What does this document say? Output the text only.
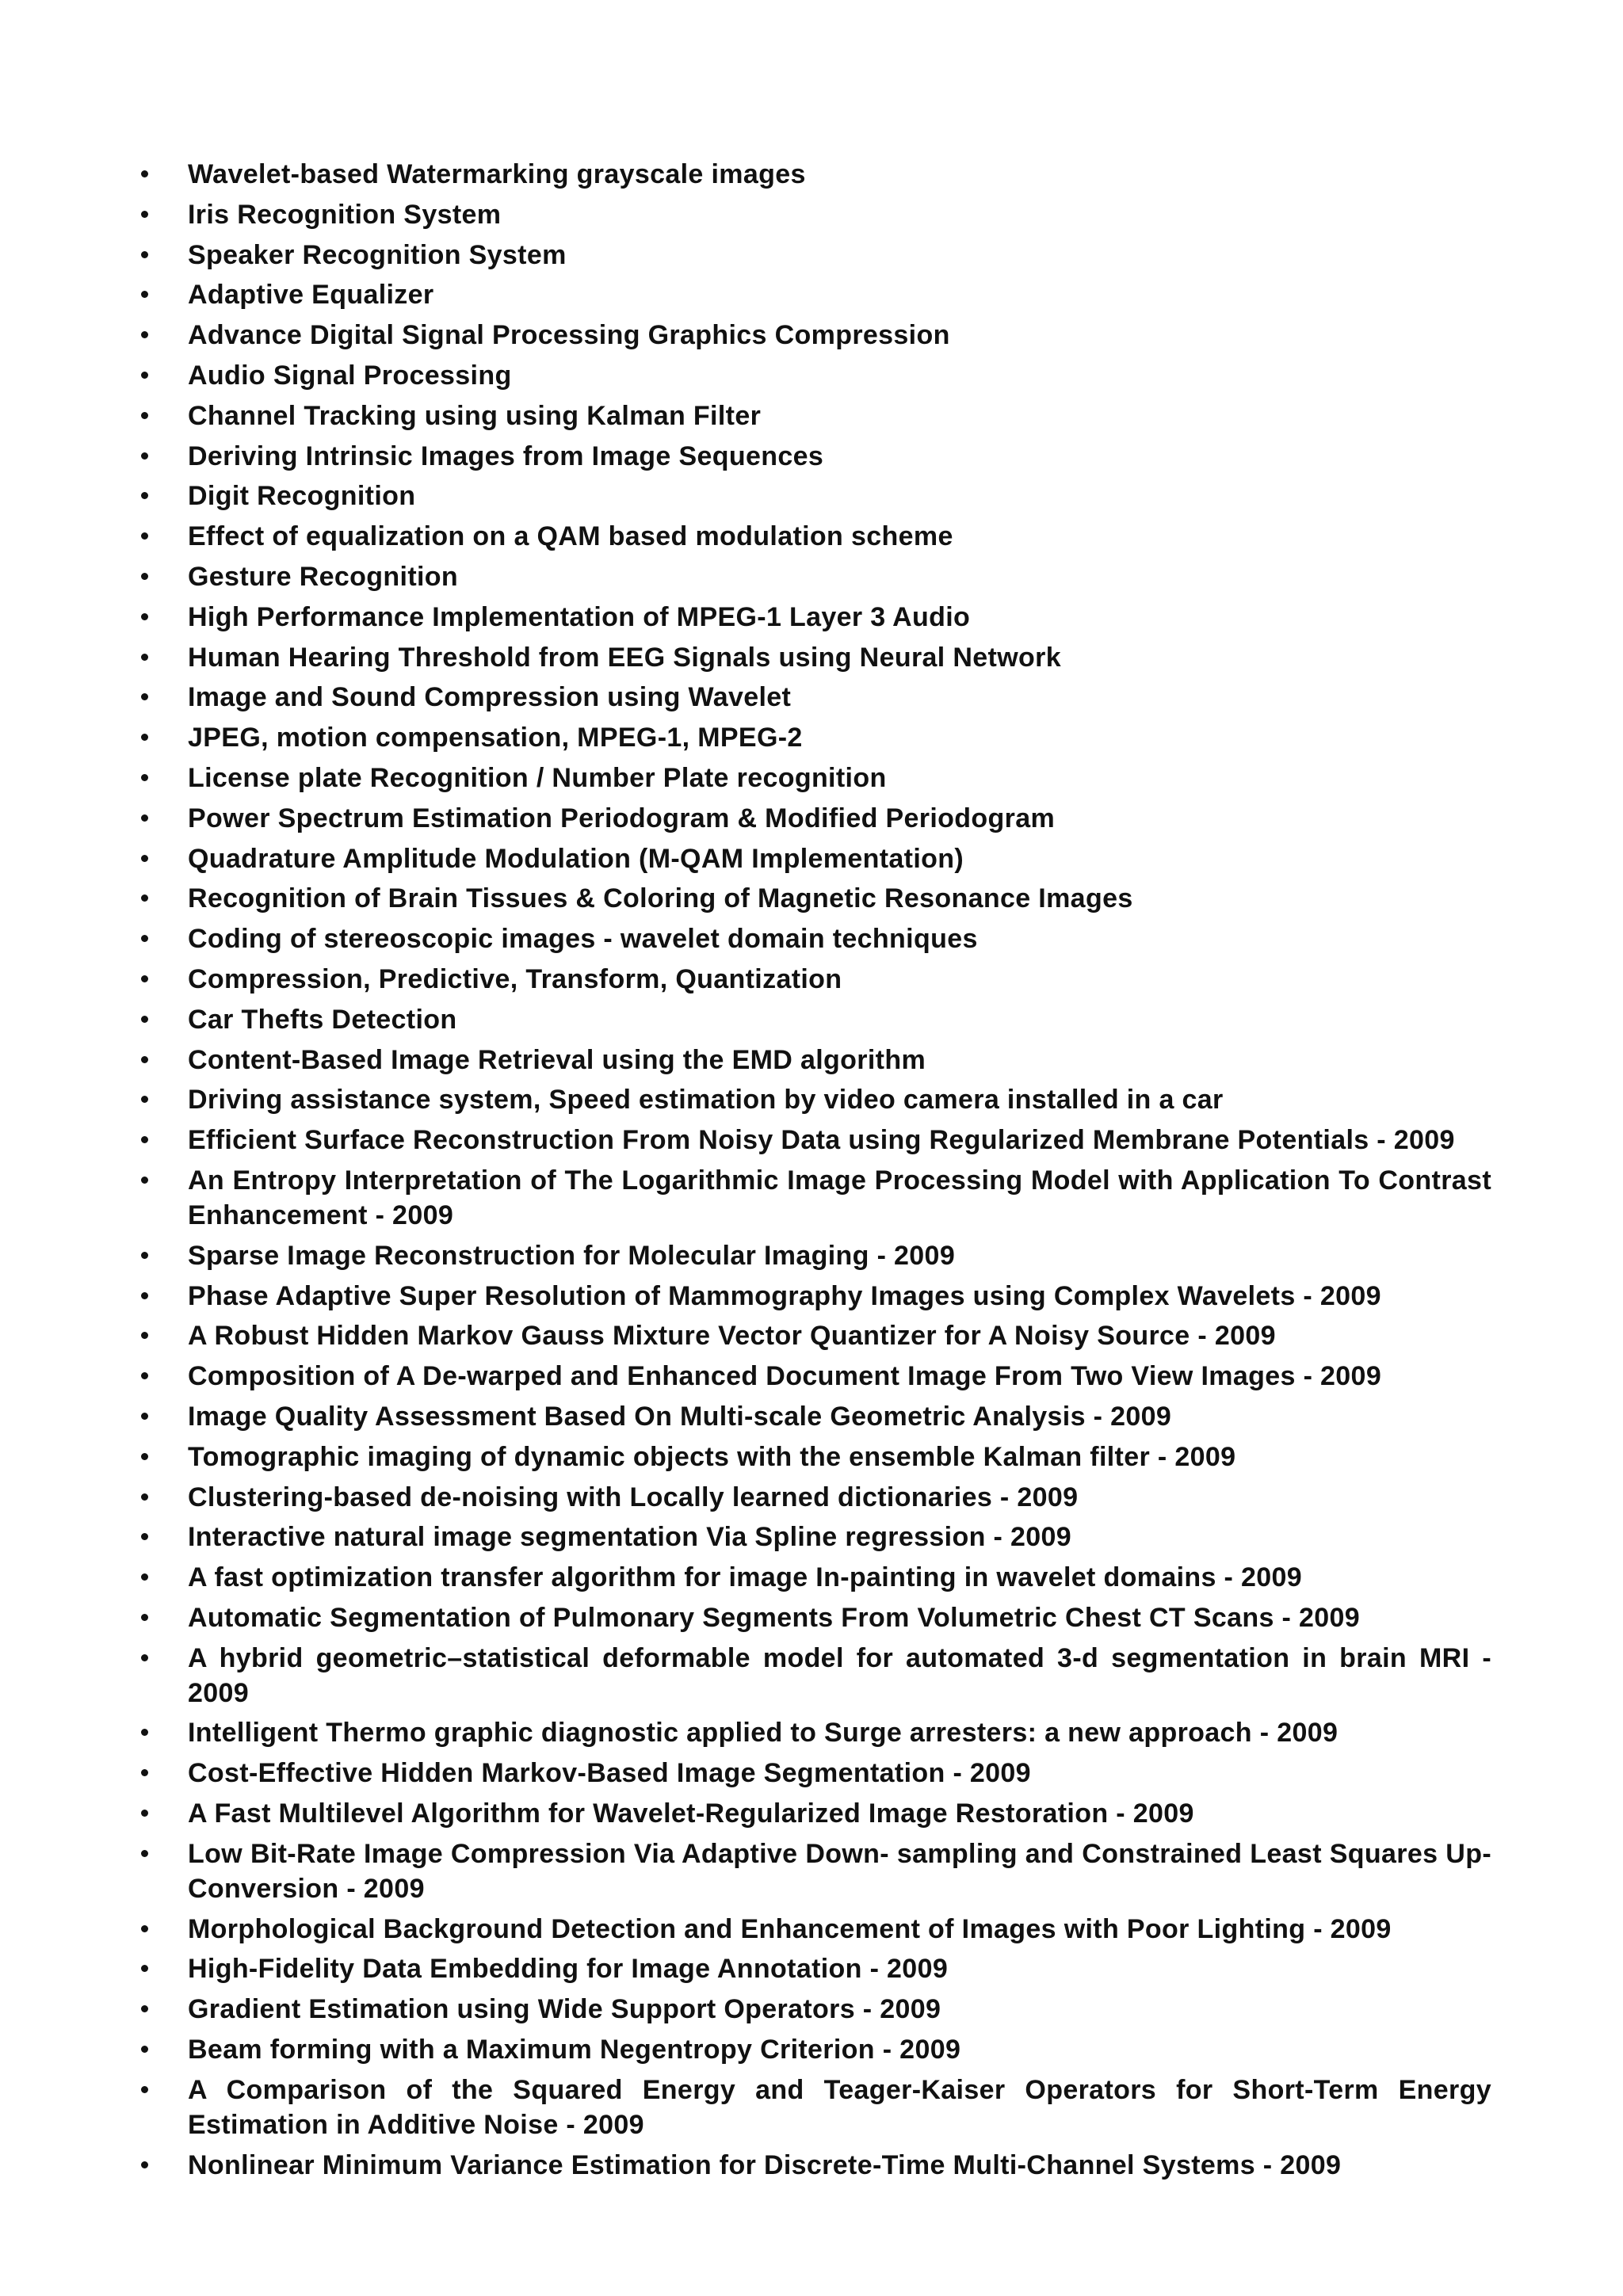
Wavelet-based Watermarking grayscale images
Iris Recognition System
Speaker Recognition System
Adaptive Equalizer
Advance Digital Signal Processing Graphics Compression
Audio Signal Processing
Channel Tracking using using Kalman Filter
Deriving Intrinsic Images from Image Sequences
Digit Recognition
Effect of equalization on a QAM based modulation scheme
Gesture Recognition
High Performance Implementation of MPEG-1 Layer 3 Audio
Human Hearing Threshold from EEG Signals using Neural Network
Image and Sound Compression using Wavelet
JPEG, motion compensation, MPEG-1, MPEG-2
License plate Recognition / Number Plate recognition
Power Spectrum Estimation Periodogram & Modified Periodogram
Quadrature Amplitude Modulation (M-QAM Implementation)
Recognition of Brain Tissues & Coloring of Magnetic Resonance Images
Coding of stereoscopic images - wavelet domain techniques
Compression, Predictive, Transform, Quantization
Car Thefts Detection
Content-Based Image Retrieval using the EMD algorithm
Driving assistance system, Speed estimation by video camera installed in a car
Efficient Surface Reconstruction From Noisy Data using Regularized Membrane Potentials - 2009
An Entropy Interpretation of The Logarithmic Image Processing Model with Application To Contrast Enhancement - 2009
Sparse Image Reconstruction for Molecular Imaging - 2009
Phase Adaptive Super Resolution of Mammography Images using Complex Wavelets - 2009
A Robust Hidden Markov Gauss Mixture Vector Quantizer for A Noisy Source - 2009
Composition of A De-warped and Enhanced Document Image From Two View Images - 2009
Image Quality Assessment Based On Multi-scale Geometric Analysis - 2009
Tomographic imaging of dynamic objects with the ensemble Kalman filter - 2009
Clustering-based de-noising with Locally learned dictionaries - 2009
Interactive natural image segmentation Via Spline regression - 2009
A fast optimization transfer algorithm for image In-painting in wavelet domains - 2009
Automatic Segmentation of Pulmonary Segments From Volumetric Chest CT Scans - 2009
A hybrid geometric–statistical deformable model for automated 3-d segmentation in brain MRI - 2009
Intelligent Thermo graphic diagnostic applied to Surge arresters: a new approach - 2009
Cost-Effective Hidden Markov-Based Image Segmentation - 2009
A Fast Multilevel Algorithm for Wavelet-Regularized Image Restoration - 2009
Low Bit-Rate Image Compression Via Adaptive Down- sampling and Constrained Least Squares Up- Conversion - 2009
Morphological Background Detection and Enhancement of Images with Poor Lighting - 2009
High-Fidelity Data Embedding for Image Annotation - 2009
Gradient Estimation using Wide Support Operators - 2009
Beam forming with a Maximum Negentropy Criterion - 2009
A Comparison of the Squared Energy and Teager-Kaiser Operators for Short-Term Energy Estimation in Additive Noise - 2009
Nonlinear Minimum Variance Estimation for Discrete-Time Multi-Channel Systems - 2009
